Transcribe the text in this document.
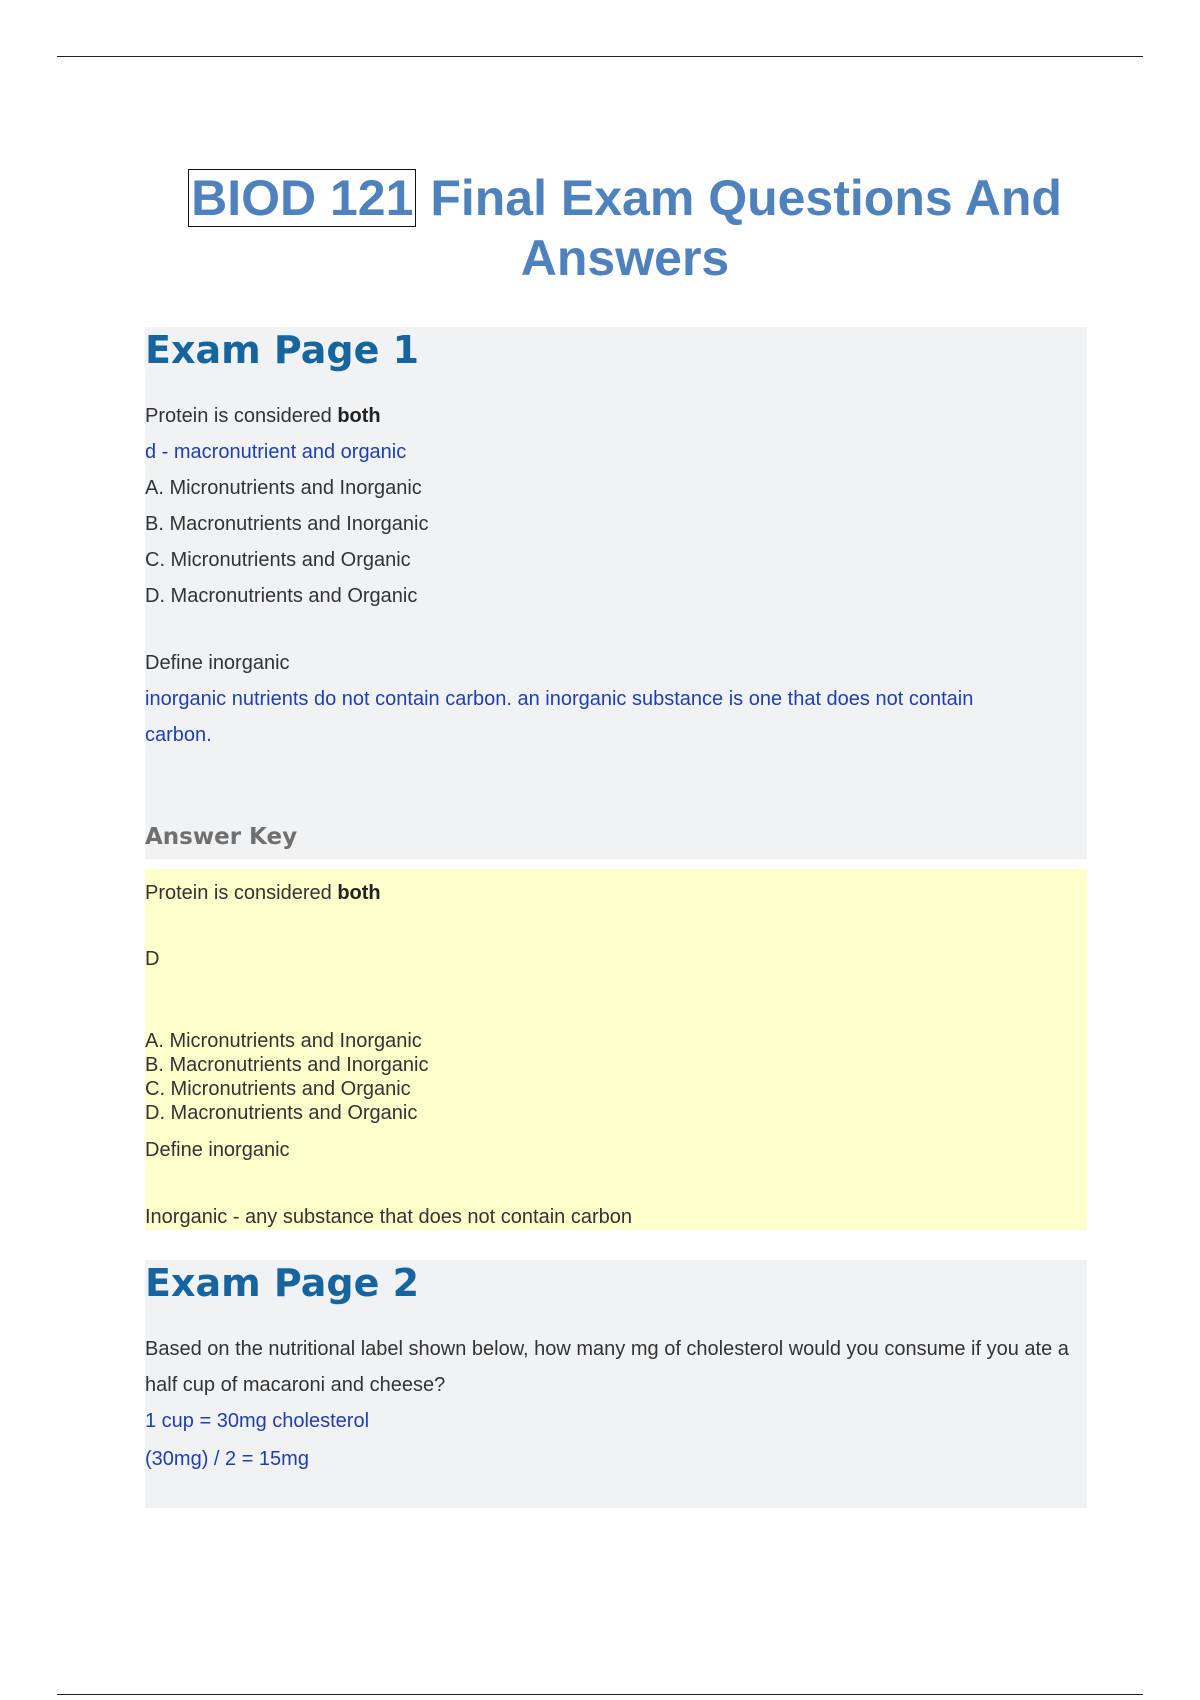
BIOD 121 Final Exam Questions And Answers
Exam Page 1
Protein is considered both
d - macronutrient and organic
A. Micronutrients and Inorganic
B. Macronutrients and Inorganic
C. Micronutrients and Organic
D. Macronutrients and Organic
Define inorganic
inorganic nutrients do not contain carbon. an inorganic substance is one that does not contain carbon.
Answer Key
Protein is considered both
D
A. Micronutrients and Inorganic
B. Macronutrients and Inorganic
C. Micronutrients and Organic
D. Macronutrients and Organic
Define inorganic
Inorganic - any substance that does not contain carbon
Exam Page 2
Based on the nutritional label shown below, how many mg of cholesterol would you consume if you ate a half cup of macaroni and cheese?
1 cup = 30mg cholesterol
(30mg) / 2 = 15mg
